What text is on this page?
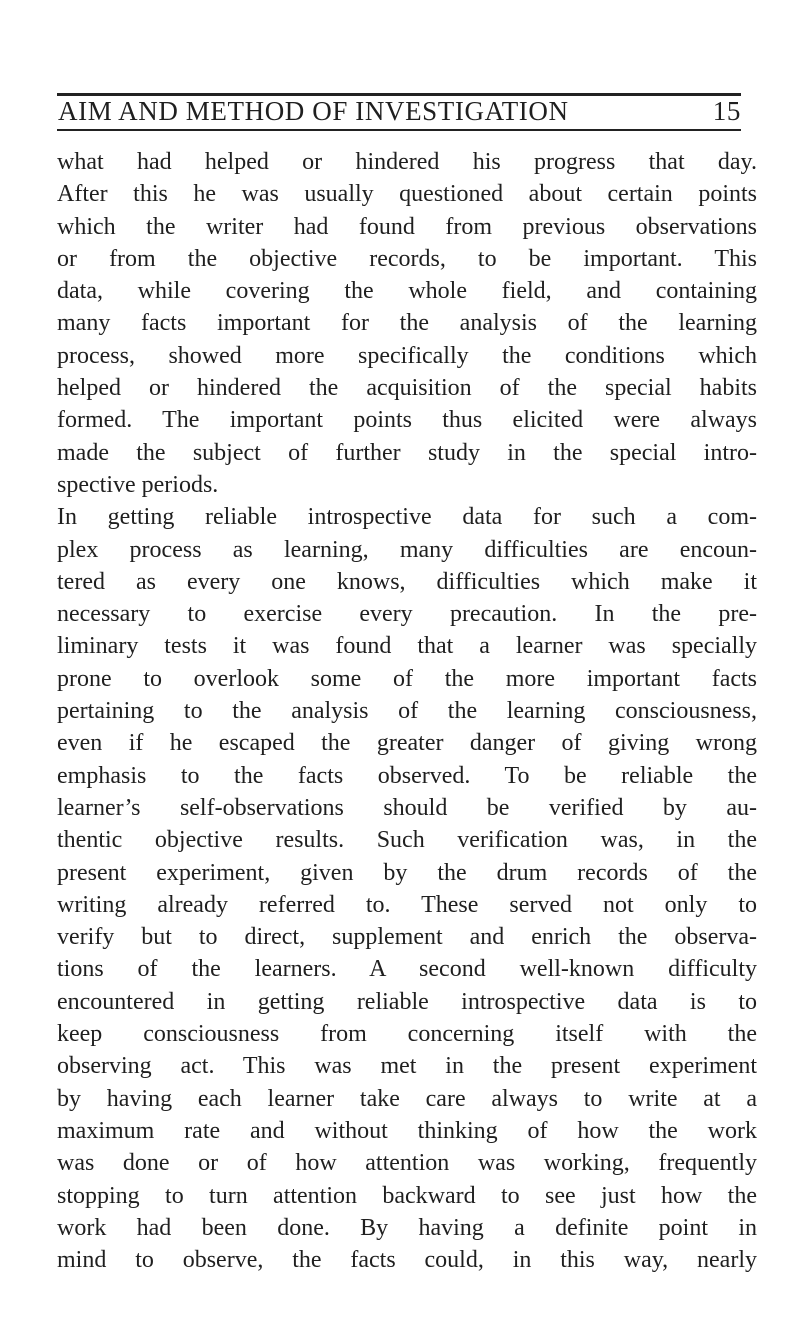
AIM AND METHOD OF INVESTIGATION	15
what had helped or hindered his progress that day.
After this he was usually questioned about certain points
which the writer had found from previous observations
or from the objective records, to be important. This
data, while covering the whole field, and containing
many facts important for the analysis of the learning
process, showed more specifically the conditions which
helped or hindered the acquisition of the special habits
formed. The important points thus elicited were always
made the subject of further study in the special intro-
spective periods.
In getting reliable introspective data for such a com-
plex process as learning, many difficulties are encoun-
tered as every one knows, difficulties which make it
necessary to exercise every precaution. In the pre-
liminary tests it was found that a learner was specially
prone to overlook some of the more important facts
pertaining to the analysis of the learning consciousness,
even if he escaped the greater danger of giving wrong
emphasis to the facts observed. To be reliable the
learner’s self-observations should be verified by au-
thentic objective results. Such verification was, in the
present experiment, given by the drum records of the
writing already referred to. These served not only to
verify but to direct, supplement and enrich the observa-
tions of the learners. A second well-known difficulty
encountered in getting reliable introspective data is to
keep consciousness from concerning itself with the
observing act. This was met in the present experiment
by having each learner take care always to write at a
maximum rate and without thinking of how the work
was done or of how attention was working, frequently
stopping to turn attention backward to see just how the
work had been done. By having a definite point in
mind to observe, the facts could, in this way, nearly
